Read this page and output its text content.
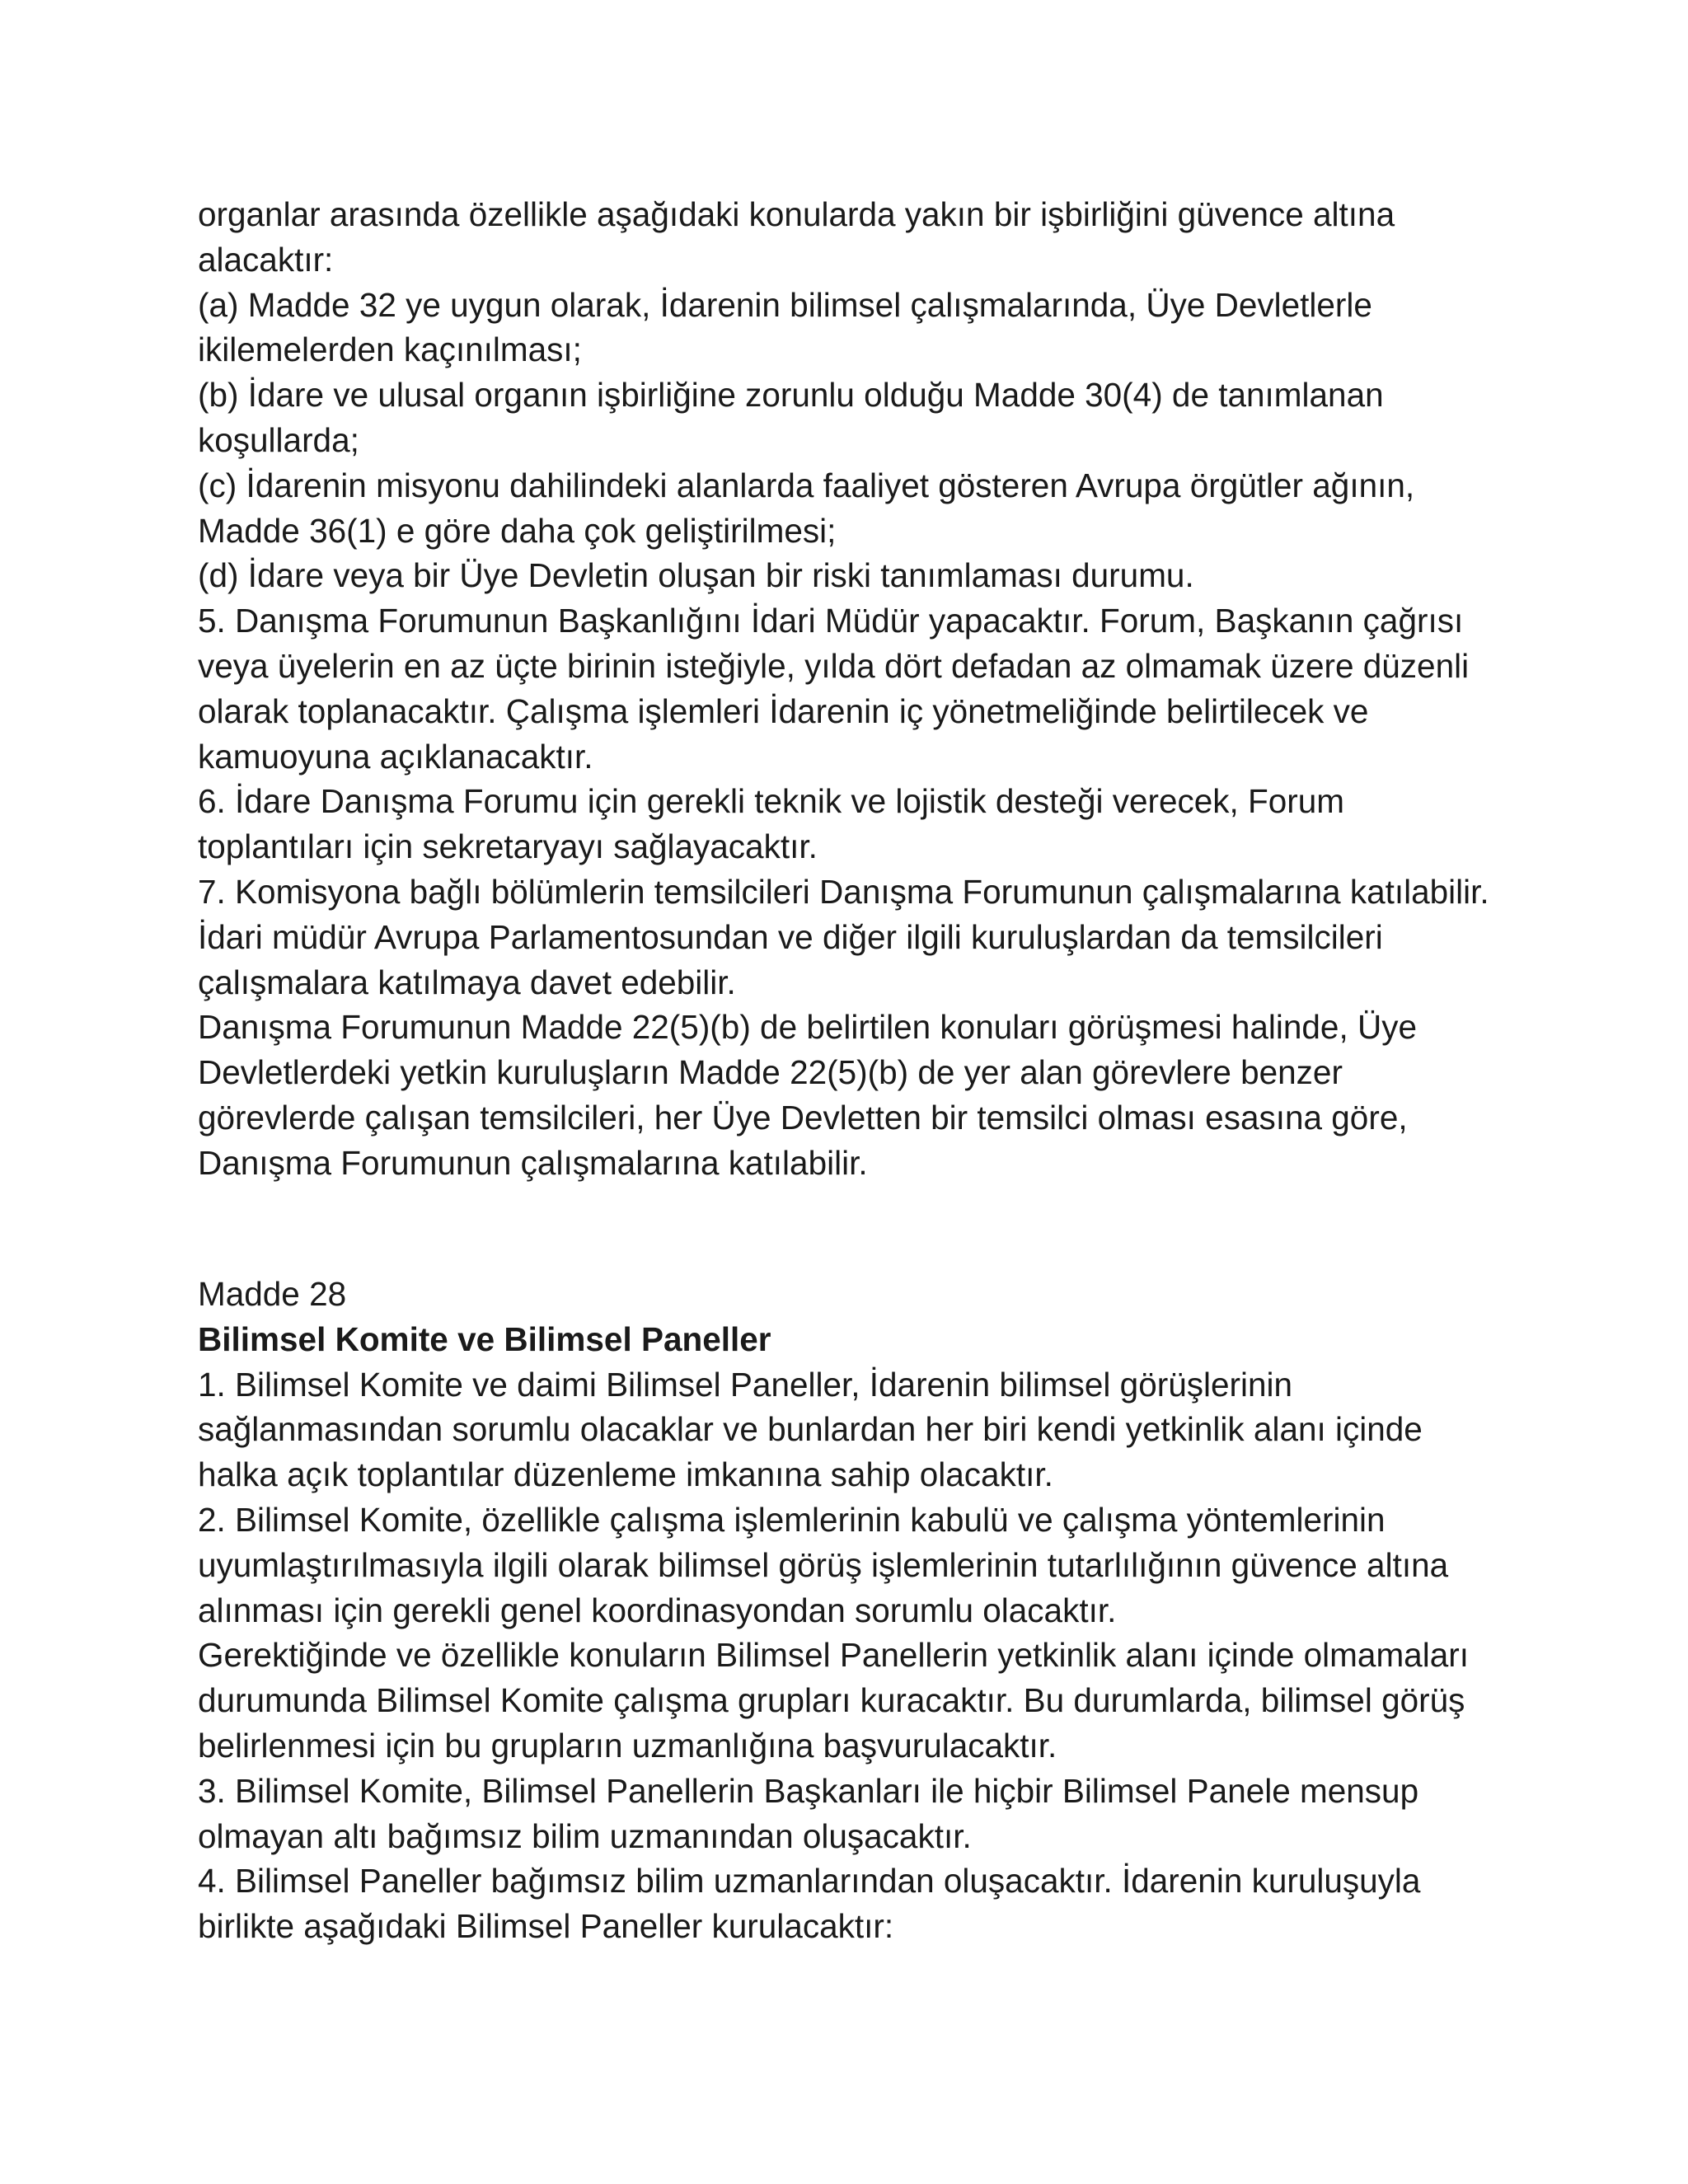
organlar arasında özellikle aşağıdaki konularda yakın bir işbirliğini güvence altına
alacaktır:
(a) Madde 32 ye uygun olarak, İdarenin bilimsel çalışmalarında, Üye Devletlerle
ikilemelerden kaçınılması;
(b) İdare ve ulusal organın işbirliğine zorunlu olduğu Madde 30(4) de tanımlanan
koşullarda;
(c) İdarenin misyonu dahilindeki alanlarda faaliyet gösteren Avrupa örgütler ağının,
Madde 36(1) e göre daha çok geliştirilmesi;
(d) İdare veya bir Üye Devletin oluşan bir riski tanımlaması durumu.
5. Danışma Forumunun Başkanlığını İdari Müdür yapacaktır. Forum, Başkanın çağrısı
veya üyelerin en az üçte birinin isteğiyle, yılda dört defadan az olmamak üzere düzenli
olarak toplanacaktır. Çalışma işlemleri İdarenin iç yönetmeliğinde belirtilecek ve
kamuoyuna açıklanacaktır.
6. İdare Danışma Forumu için gerekli teknik ve lojistik desteği verecek, Forum
toplantıları için sekretaryayı sağlayacaktır.
7. Komisyona bağlı bölümlerin temsilcileri Danışma Forumunun çalışmalarına katılabilir.
İdari müdür Avrupa Parlamentosundan ve diğer ilgili kuruluşlardan da temsilcileri
çalışmalara katılmaya davet edebilir.
Danışma Forumunun Madde 22(5)(b) de belirtilen konuları görüşmesi halinde, Üye
Devletlerdeki yetkin kuruluşların Madde 22(5)(b) de yer alan görevlere benzer
görevlerde çalışan temsilcileri, her Üye Devletten bir temsilci olması esasına göre,
Danışma Forumunun çalışmalarına katılabilir.
Madde 28
Bilimsel Komite ve Bilimsel Paneller
1. Bilimsel Komite ve daimi Bilimsel Paneller, İdarenin bilimsel görüşlerinin
sağlanmasından sorumlu olacaklar ve bunlardan her biri kendi yetkinlik alanı içinde
halka açık toplantılar düzenleme imkanına sahip olacaktır.
2. Bilimsel Komite, özellikle çalışma işlemlerinin kabulü ve çalışma yöntemlerinin
uyumlaştırılmasıyla ilgili olarak bilimsel görüş işlemlerinin tutarlılığının güvence altına
alınması için gerekli genel koordinasyondan sorumlu olacaktır.
Gerektiğinde ve özellikle konuların Bilimsel Panellerin yetkinlik alanı içinde olmamaları
durumunda Bilimsel Komite çalışma grupları kuracaktır. Bu durumlarda, bilimsel görüş
belirlenmesi için bu grupların uzmanlığına başvurulacaktır.
3. Bilimsel Komite, Bilimsel Panellerin Başkanları ile hiçbir Bilimsel Panele mensup
olmayan altı bağımsız bilim uzmanından oluşacaktır.
4. Bilimsel Paneller bağımsız bilim uzmanlarından oluşacaktır. İdarenin kuruluşuyla
birlikte aşağıdaki Bilimsel Paneller kurulacaktır:
